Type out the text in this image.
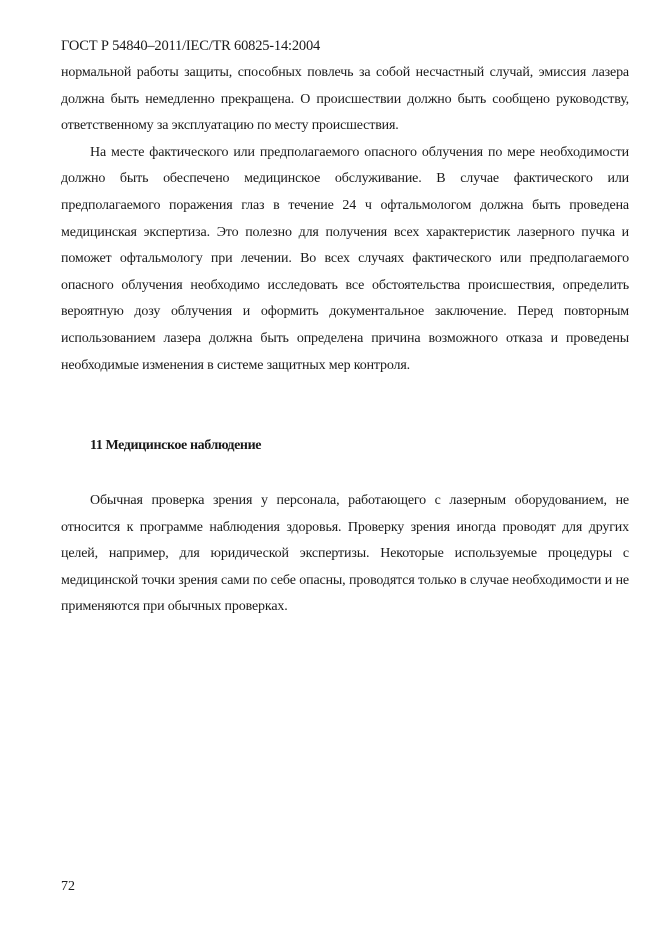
ГОСТ Р 54840–2011/IEC/TR 60825-14:2004

нормальной работы защиты, способных повлечь за собой несчастный случай, эмиссия лазера должна быть немедленно прекращена. О происшествии должно быть сообщено руководству, ответственному за эксплуатацию по месту происшествия.

На месте фактического или предполагаемого опасного облучения по мере необходимости должно быть обеспечено медицинское обслуживание. В случае фактического или предполагаемого поражения глаз в течение 24 ч офтальмологом должна быть проведена медицинская экспертиза. Это полезно для получения всех характеристик лазерного пучка и поможет офтальмологу при лечении. Во всех случаях фактического или предполагаемого опасного облучения необходимо исследовать все обстоятельства происшествия, определить вероятную дозу облучения и оформить документальное заключение. Перед повторным использованием лазера должна быть определена причина возможного отказа и проведены необходимые изменения в системе защитных мер контроля.

11 Медицинское наблюдение

Обычная проверка зрения у персонала, работающего с лазерным оборудованием, не относится к программе наблюдения здоровья. Проверку зрения иногда проводят для других целей, например, для юридической экспертизы. Некоторые используемые процедуры с медицинской точки зрения сами по себе опасны, проводятся только в случае необходимости и не применяются при обычных проверках.

72
